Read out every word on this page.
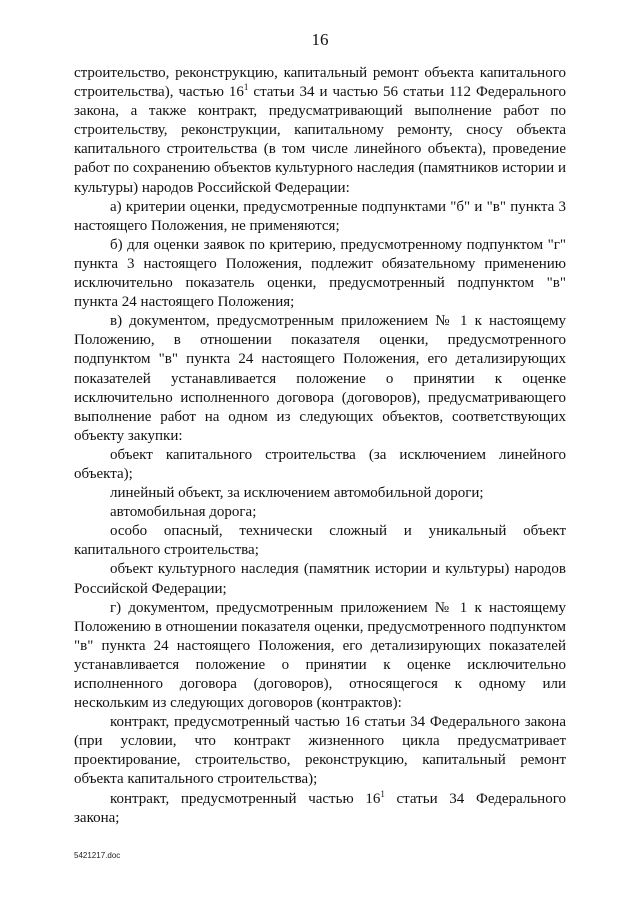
16

строительство, реконструкцию, капитальный ремонт объекта капитального строительства), частью $16^1$ статьи 34 и частью 56 статьи 112 Федерального закона, а также контракт, предусматривающий выполнение работ по строительству, реконструкции, капитальному ремонту, сносу объекта капитального строительства (в том числе линейного объекта), проведение работ по сохранению объектов культурного наследия (памятников истории и культуры) народов Российской Федерации:

а) критерии оценки, предусмотренные подпунктами "б" и "в" пункта 3 настоящего Положения, не применяются;

б) для оценки заявок по критерию, предусмотренному подпунктом "г" пункта 3 настоящего Положения, подлежит обязательному применению исключительно показатель оценки, предусмотренный подпунктом "в" пункта 24 настоящего Положения;

в) документом, предусмотренным приложением № 1 к настоящему Положению, в отношении показателя оценки, предусмотренного подпунктом "в" пункта 24 настоящего Положения, его детализирующих показателей устанавливается положение о принятии к оценке исключительно исполненного договора (договоров), предусматривающего выполнение работ на одном из следующих объектов, соответствующих объекту закупки:

объект капитального строительства (за исключением линейного объекта);

линейный объект, за исключением автомобильной дороги;

автомобильная дорога;

особо опасный, технически сложный и уникальный объект капитального строительства;

объект культурного наследия (памятник истории и культуры) народов Российской Федерации;

г) документом, предусмотренным приложением № 1 к настоящему Положению в отношении показателя оценки, предусмотренного подпунктом "в" пункта 24 настоящего Положения, его детализирующих показателей устанавливается положение о принятии к оценке исключительно исполненного договора (договоров), относящегося к одному или нескольким из следующих договоров (контрактов):

контракт, предусмотренный частью 16 статьи 34 Федерального закона (при условии, что контракт жизненного цикла предусматривает проектирование, строительство, реконструкцию, капитальный ремонт объекта капитального строительства);

контракт, предусмотренный частью $16^1$ статьи 34 Федерального закона;

5421217.doc
